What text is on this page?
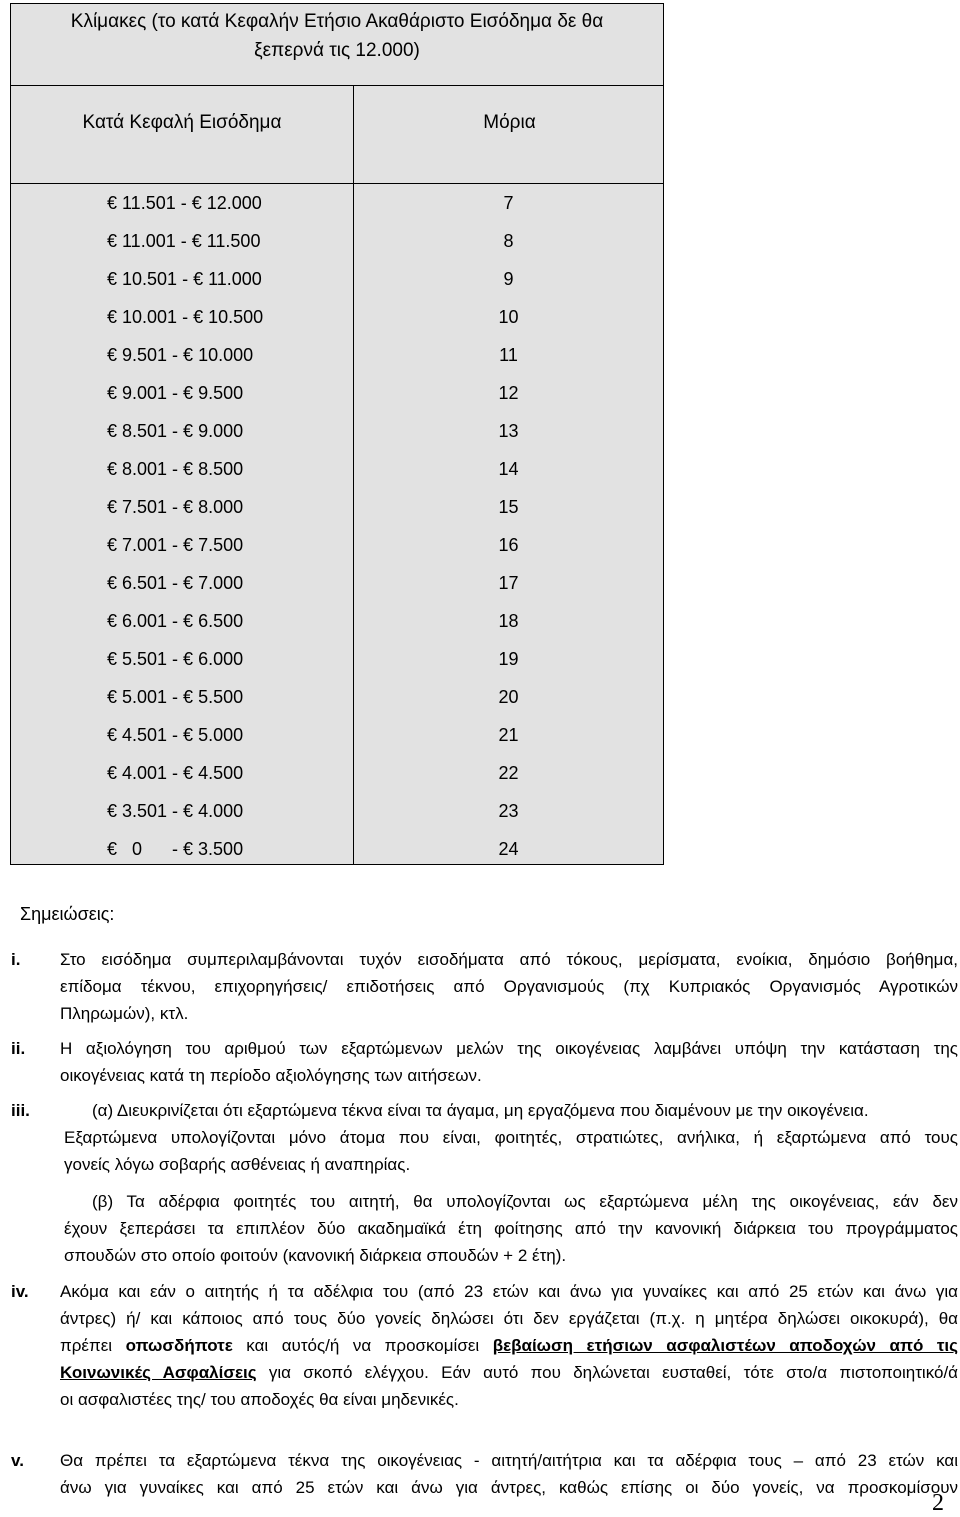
Κλίμακες (το κατά Κεφαλήν Ετήσιο Ακαθάριστο Εισόδημα δε θα
ξεπερνά τις 12.000)
Κατά Κεφαλή Εισόδημα	Μόρια
€ 11.501 - € 12.000	7
€ 11.001 - € 11.500	8
€ 10.501 - € 11.000	9
€ 10.001 - € 10.500	10
€ 9.501 - € 10.000	11
€ 9.001 - € 9.500	12
€ 8.501 - € 9.000	13
€ 8.001 - € 8.500	14
€ 7.501 - € 8.000	15
€ 7.001 - € 7.500	16
€ 6.501 - € 7.000	17
€ 6.001 - € 6.500	18
€ 5.501 - € 6.000	19
€ 5.001 - € 5.500	20
€ 4.501 - € 5.000	21
€ 4.001 - € 4.500	22
€ 3.501 - € 4.000	23
€   0      - € 3.500	24
Σημειώσεις:
i. Στο εισόδημα συμπεριλαμβάνονται τυχόν εισοδήματα από τόκους, μερίσματα, ενοίκια, δημόσιο βοήθημα,
επίδομα τέκνου, επιχορηγήσεις/ επιδοτήσεις από Οργανισμούς (πχ Κυπριακός Οργανισμός Αγροτικών
Πληρωμών), κτλ.
ii. Η αξιολόγηση του αριθμού των εξαρτώμενων μελών της οικογένειας λαμβάνει υπόψη την κατάσταση της
οικογένειας κατά τη περίοδο αξιολόγησης των αιτήσεων.
iii.	(α) Διευκρινίζεται ότι εξαρτώμενα τέκνα είναι τα άγαμα, μη εργαζόμενα που διαμένουν με την οικογένεια.
Εξαρτώμενα υπολογίζονται μόνο άτομα που είναι, φοιτητές, στρατιώτες, ανήλικα, ή εξαρτώμενα από τους
γονείς λόγω σοβαρής ασθένειας ή αναπηρίας.
(β) Τα αδέρφια φοιτητές του αιτητή, θα υπολογίζονται ως εξαρτώμενα μέλη της οικογένειας, εάν δεν
έχουν ξεπεράσει τα επιπλέον δύο ακαδημαϊκά έτη φοίτησης από την κανονική διάρκεια του προγράμματος
σπουδών στο οποίο φοιτούν (κανονική διάρκεια σπουδών + 2 έτη).
iv. Ακόμα και εάν ο αιτητής ή τα αδέλφια του (από 23 ετών και άνω για γυναίκες και από 25 ετών και άνω για
άντρες) ή/ και κάποιος από τους δύο γονείς δηλώσει ότι δεν εργάζεται (π.χ. η μητέρα δηλώσει οικοκυρά), θα
πρέπει οπωσδήποτε και αυτός/ή να προσκομίσει βεβαίωση ετήσιων ασφαλιστέων αποδοχών από τις
Κοινωνικές Ασφαλίσεις για σκοπό ελέγχου. Εάν αυτό που δηλώνεται ευσταθεί, τότε στο/α πιστοποιητικό/ά
οι ασφαλιστέες της/ του αποδοχές θα είναι μηδενικές.
v. Θα πρέπει τα εξαρτώμενα τέκνα της οικογένειας - αιτητή/αιτήτρια και τα αδέρφια τους – από 23 ετών και
άνω για γυναίκες και από 25 ετών και άνω για άντρες, καθώς επίσης οι δύο γονείς, να προσκομίσουν
2
